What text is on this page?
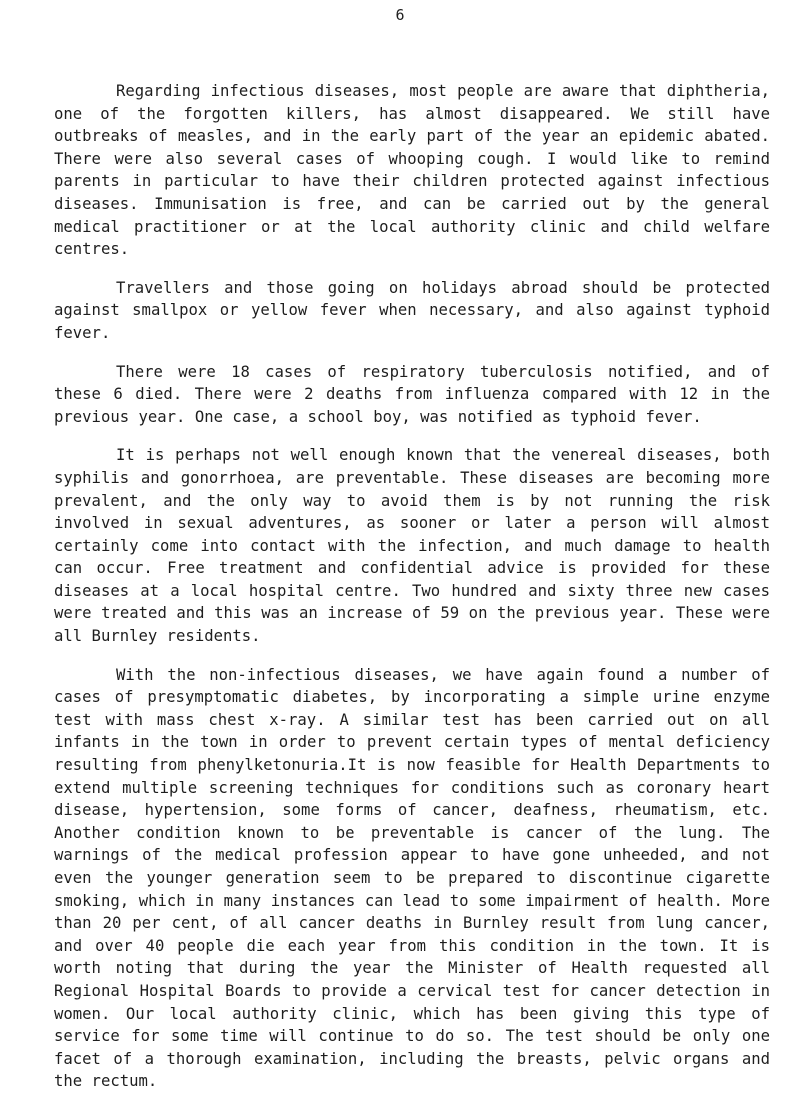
6

Regarding infectious diseases, most people are aware that diphtheria, one of the forgotten killers, has almost disappeared. We still have outbreaks of measles, and in the early part of the year an epidemic abated. There were also several cases of whooping cough. I would like to remind parents in particular to have their children protected against infectious diseases. Immunisation is free, and can be carried out by the general medical practitioner or at the local authority clinic and child welfare centres.

Travellers and those going on holidays abroad should be protected against smallpox or yellow fever when necessary, and also against typhoid fever.

There were 18 cases of respiratory tuberculosis notified, and of these 6 died. There were 2 deaths from influenza compared with 12 in the previous year. One case, a school boy, was notified as typhoid fever.

It is perhaps not well enough known that the venereal diseases, both syphilis and gonorrhoea, are preventable. These diseases are becoming more prevalent, and the only way to avoid them is by not running the risk involved in sexual adventures, as sooner or later a person will almost certainly come into contact with the infection, and much damage to health can occur. Free treatment and confidential advice is provided for these diseases at a local hospital centre. Two hundred and sixty three new cases were treated and this was an increase of 59 on the previous year. These were all Burnley residents.

With the non-infectious diseases, we have again found a number of cases of presymptomatic diabetes, by incorporating a simple urine enzyme test with mass chest x-ray. A similar test has been carried out on all infants in the town in order to prevent certain types of mental deficiency resulting from phenylketonuria.It is now feasible for Health Departments to extend multiple screening techniques for conditions such as coronary heart disease, hypertension, some forms of cancer, deafness, rheumatism, etc. Another condition known to be preventable is cancer of the lung. The warnings of the medical profession appear to have gone unheeded, and not even the younger generation seem to be prepared to discontinue cigarette smoking, which in many instances can lead to some impairment of health. More than 20 per cent, of all cancer deaths in Burnley result from lung cancer, and over 40 people die each year from this condition in the town. It is worth noting that during the year the Minister of Health requested all Regional Hospital Boards to provide a cervical test for cancer detection in women. Our local authority clinic, which has been giving this type of service for some time will continue to do so. The test should be only one facet of a thorough examination, including the breasts, pelvic organs and the rectum.
